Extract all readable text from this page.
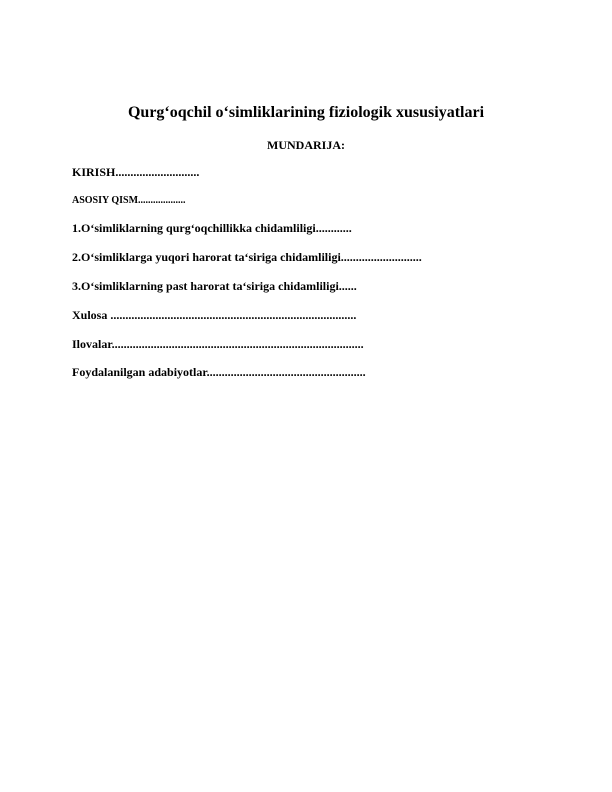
Qurg‘oqchil o‘simliklarining fiziologik xususiyatlari
MUNDARIJA:
KIRISH............................
ASOSIY QISM...................
1.O‘simliklarning qurg‘oqchillikka chidamliligi............
2.O‘simliklarga yuqori harorat ta‘siriga chidamliligi...........................
3.O‘simliklarning past harorat ta‘siriga chidamliligi......
Xulosa ..................................................................................
Ilovalar....................................................................................
Foydalanilgan adabiyotlar.....................................................
